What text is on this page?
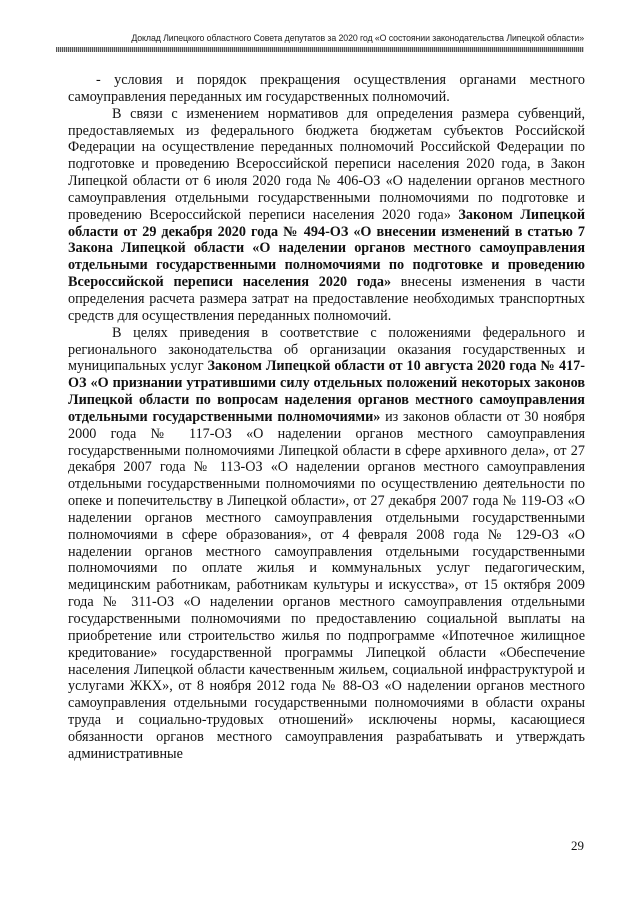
Доклад Липецкого областного Совета депутатов за 2020 год «О состоянии законодательства Липецкой области»

- условия и порядок прекращения осуществления органами местного самоуправления переданных им государственных полномочий.

В связи с изменением нормативов для определения размера субвенций, предоставляемых из федерального бюджета бюджетам субъектов Российской Федерации на осуществление переданных полномочий Российской Федерации по подготовке и проведению Всероссийской переписи населения 2020 года, в Закон Липецкой области от 6 июля 2020 года № 406-ОЗ «О наделении органов местного самоуправления отдельными государственными полномочиями по подготовке и проведению Всероссийской переписи населения 2020 года» Законом Липецкой области от 29 декабря 2020 года № 494-ОЗ «О внесении изменений в статью 7 Закона Липецкой области «О наделении органов местного самоуправления отдельными государственными полномочиями по подготовке и проведению Всероссийской переписи населения 2020 года» внесены изменения в части определения расчета размера затрат на предоставление необходимых транспортных средств для осуществления переданных полномочий.

В целях приведения в соответствие с положениями федерального и регионального законодательства об организации оказания государственных и муниципальных услуг Законом Липецкой области от 10 августа 2020 года № 417-ОЗ «О признании утратившими силу отдельных положений некоторых законов Липецкой области по вопросам наделения органов местного самоуправления отдельными государственными полномочиями» из законов области от 30 ноября 2000 года № 117-ОЗ «О наделении органов местного самоуправления государственными полномочиями Липецкой области в сфере архивного дела», от 27 декабря 2007 года № 113-ОЗ «О наделении органов местного самоуправления отдельными государственными полномочиями по осуществлению деятельности по опеке и попечительству в Липецкой области», от 27 декабря 2007 года № 119-ОЗ «О наделении органов местного самоуправления отдельными государственными полномочиями в сфере образования», от 4 февраля 2008 года № 129-ОЗ «О наделении органов местного самоуправления отдельными государственными полномочиями по оплате жилья и коммунальных услуг педагогическим, медицинским работникам, работникам культуры и искусства», от 15 октября 2009 года № 311-ОЗ «О наделении органов местного самоуправления отдельными государственными полномочиями по предоставлению социальной выплаты на приобретение или строительство жилья по подпрограмме «Ипотечное жилищное кредитование» государственной программы Липецкой области «Обеспечение населения Липецкой области качественным жильем, социальной инфраструктурой и услугами ЖКХ», от 8 ноября 2012 года № 88-ОЗ «О наделении органов местного самоуправления отдельными государственными полномочиями в области охраны труда и социально-трудовых отношений» исключены нормы, касающиеся обязанности органов местного самоуправления разрабатывать и утверждать административные

29
